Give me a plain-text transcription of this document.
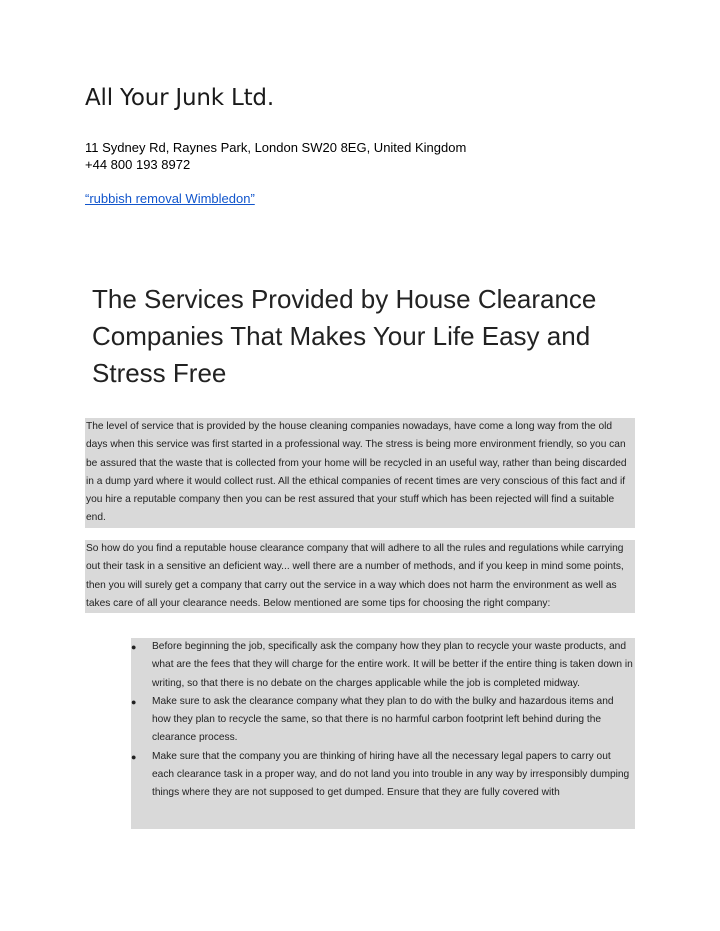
All Your Junk Ltd.
11 Sydney Rd, Raynes Park, London SW20 8EG, United Kingdom
+44 800 193 8972
“rubbish removal Wimbledon”
The Services Provided by House Clearance Companies That Makes Your Life Easy and Stress Free

The level of service that is provided by the house cleaning companies nowadays, have come a long way from the old days when this service was first started in a professional way. The stress is being more environment friendly, so you can be assured that the waste that is collected from your home will be recycled in an useful way, rather than being discarded in a dump yard where it would collect rust. All the ethical companies of recent times are very conscious of this fact and if you hire a reputable company then you can be rest assured that your stuff which has been rejected will find a suitable end.

So how do you find a reputable house clearance company that will adhere to all the rules and regulations while carrying out their task in a sensitive an deficient way... well there are a number of methods, and if you keep in mind some points, then you will surely get a company that carry out the service in a way which does not harm the environment as well as takes care of all your clearance needs. Below mentioned are some tips for choosing the right company:

●	Before beginning the job, specifically ask the company how they plan to recycle your waste products, and what are the fees that they will charge for the entire work. It will be better if the entire thing is taken down in writing, so that there is no debate on the charges applicable while the job is completed midway.
●	Make sure to ask the clearance company what they plan to do with the bulky and hazardous items and how they plan to recycle the same, so that there is no harmful carbon footprint left behind during the clearance process.
●	Make sure that the company you are thinking of hiring have all the necessary legal papers to carry out each clearance task in a proper way, and do not land you into trouble in any way by irresponsibly dumping things where they are not supposed to get dumped. Ensure that they are fully covered with
